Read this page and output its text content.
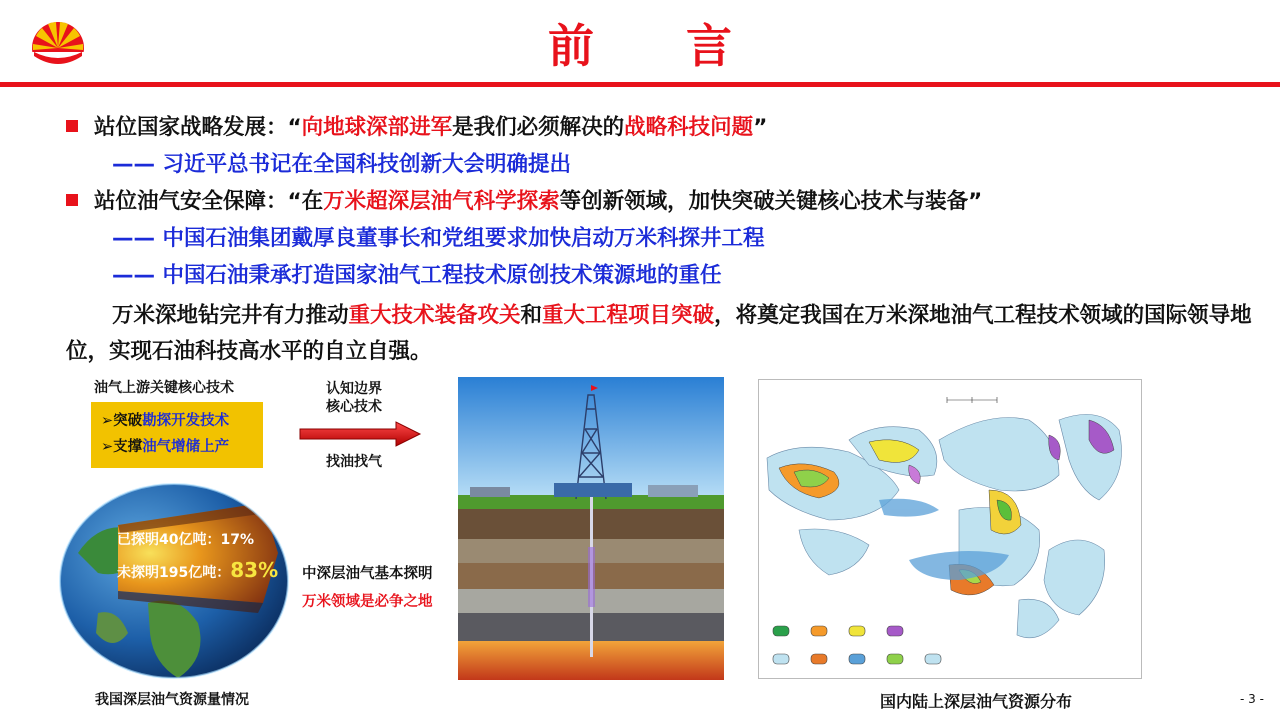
前 言
站位国家战略发展：“向地球深部进军是我们必须解决的战略科技问题”
—— 习近平总书记在全国科技创新大会明确提出
站位油气安全保障：“在万米超深层油气科学探索等创新领域，加快突破关键核心技术与装备”
—— 中国石油集团戴厚良董事长和党组要求加快启动万米科探井工程
—— 中国石油秉承打造国家油气工程技术原创技术策源地的重任
万米深地钻完井有力推动重大技术装备攻关和重大工程项目突破，将奠定我国在万米深地油气工程技术领域的国际领导地位，实现石油科技高水平的自立自强。
油气上游关键核心技术
➢突破勘探开发技术
➢支撑油气增储上产
认知边界核心技术
找油找气
已探明40亿吨：17%
未探明195亿吨：83%
我国深层油气资源量情况
中深层油气基本探明
万米领域是必争之地
国内陆上深层油气资源分布	- 3 -
